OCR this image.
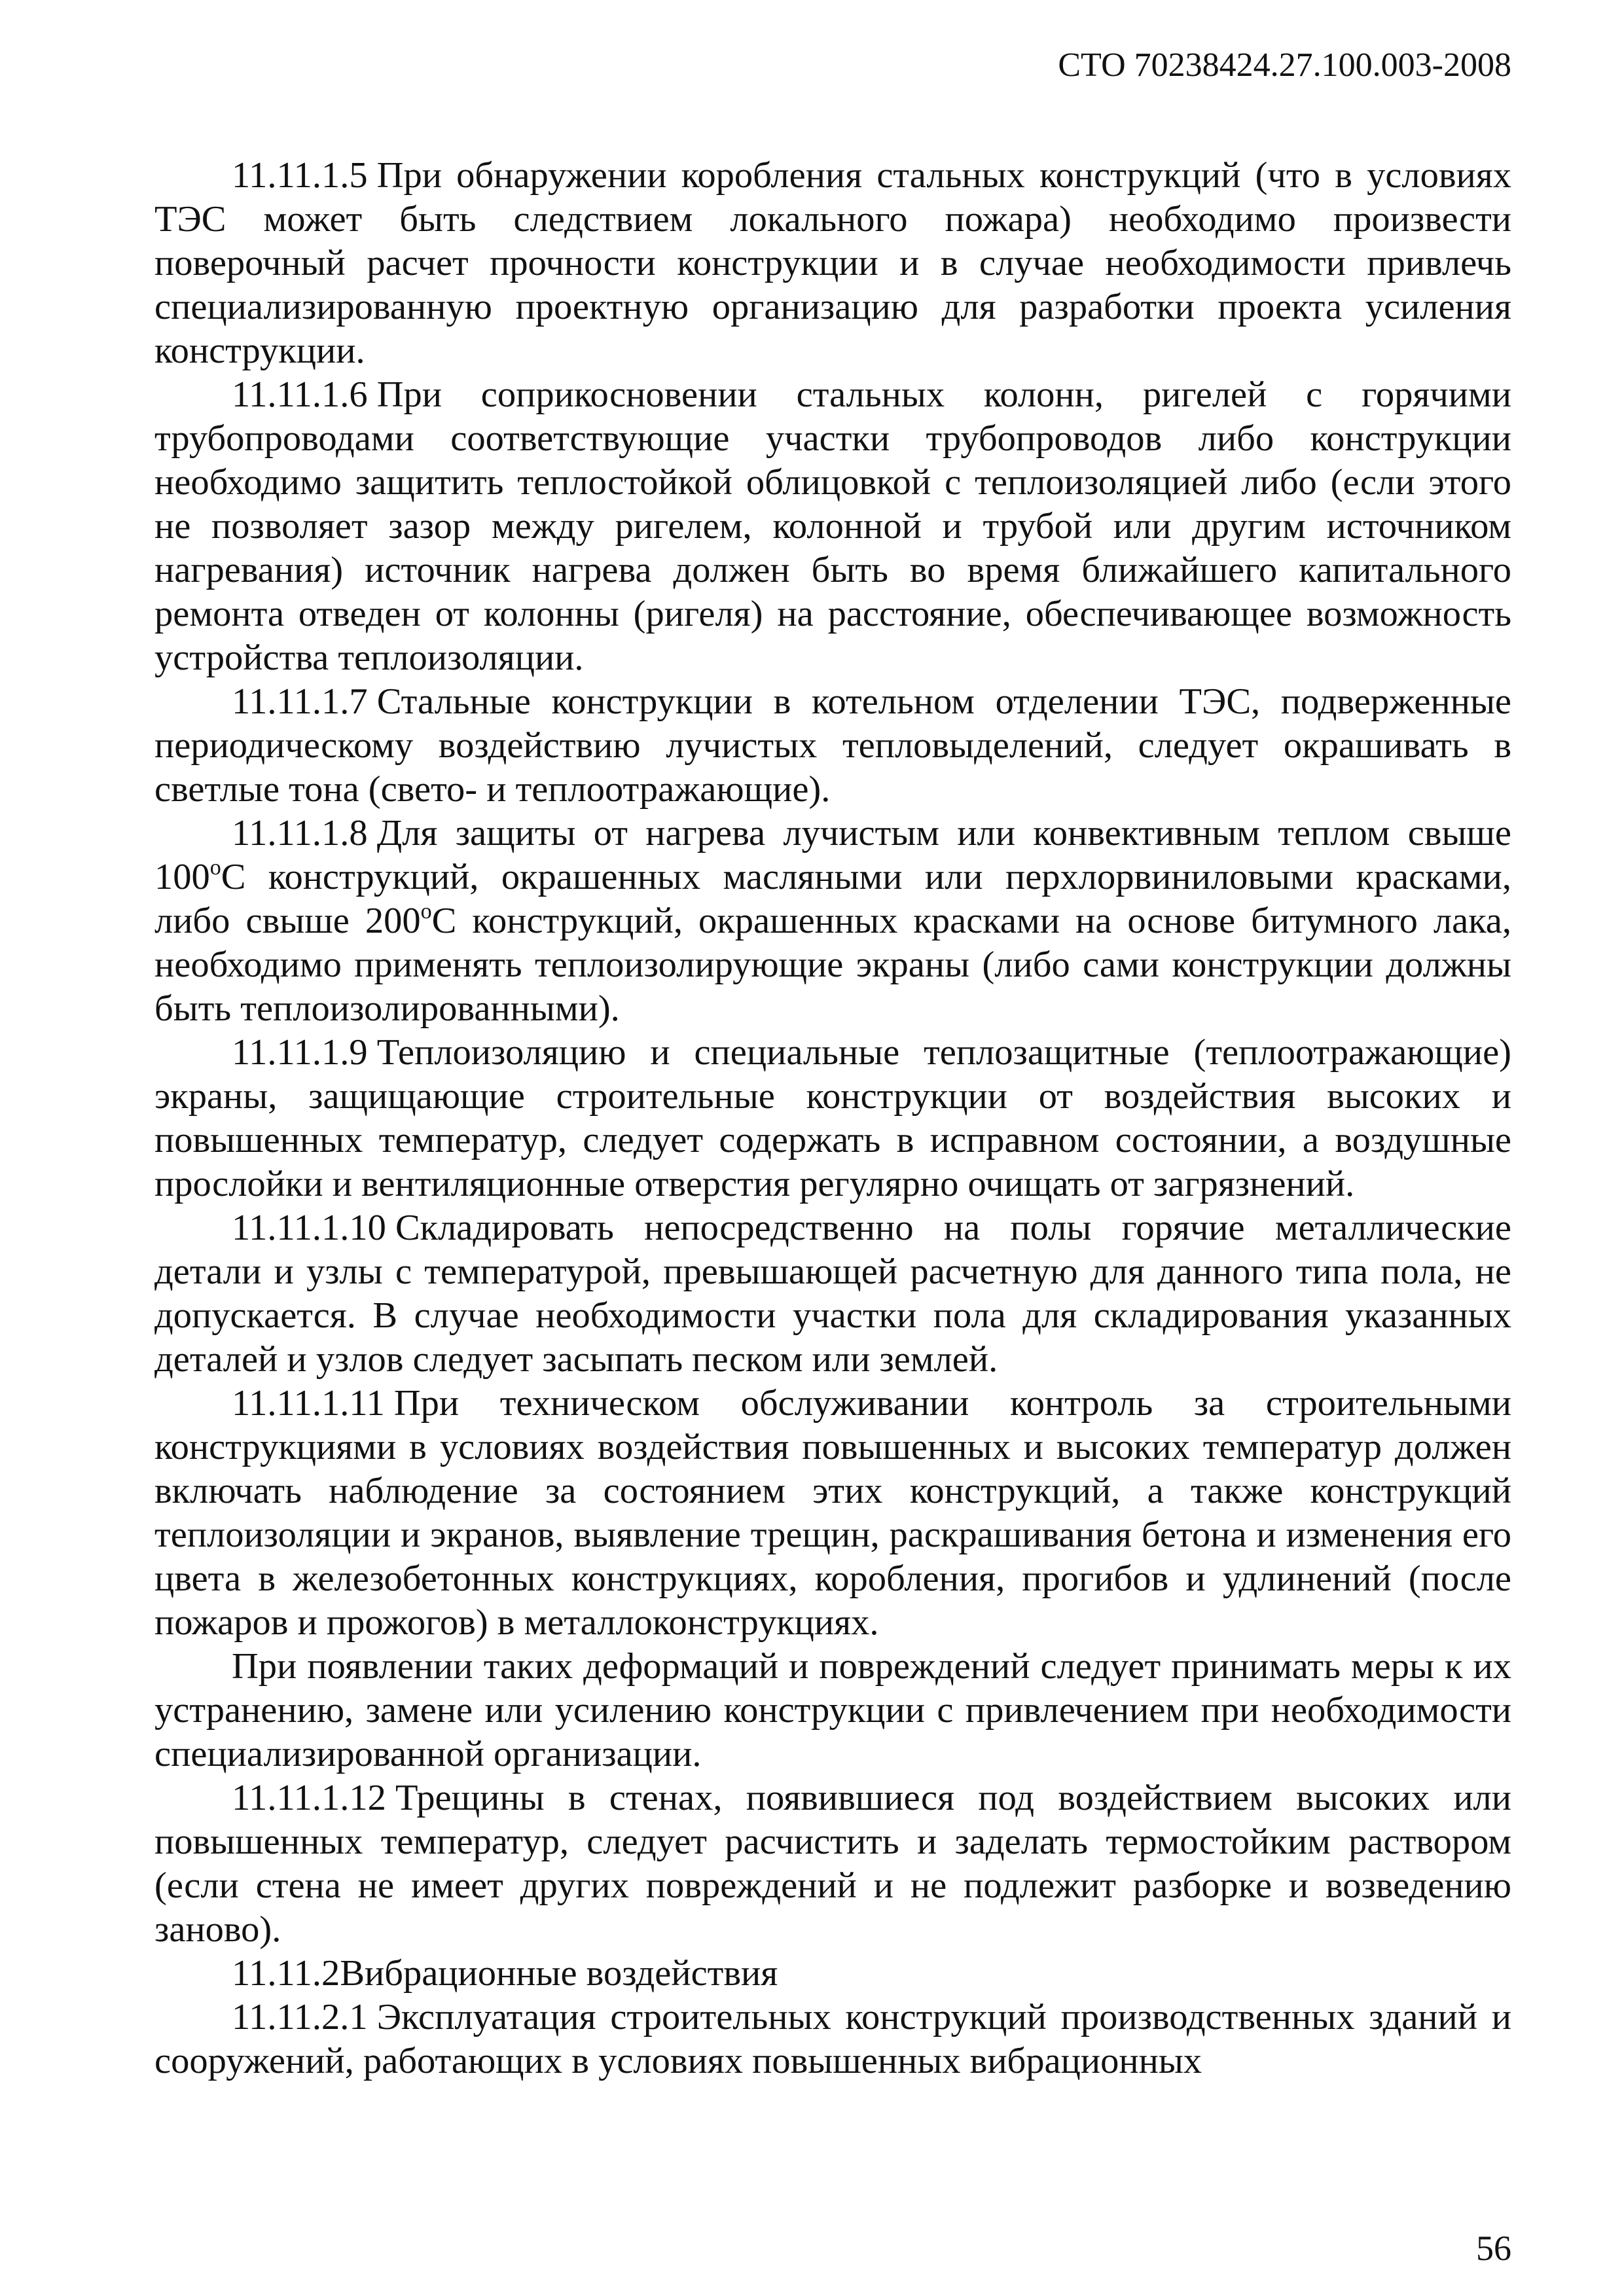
СТО 70238424.27.100.003-2008

11.11.1.5 При обнаружении коробления стальных конструкций (что в условиях ТЭС может быть следствием локального пожара) необходимо произвести поверочный расчет прочности конструкции и в случае необходимости привлечь специализированную проектную организацию для разработки проекта усиления конструкции.

11.11.1.6 При соприкосновении стальных колонн, ригелей с горячими трубопроводами соответствующие участки трубопроводов либо конструкции необходимо защитить теплостойкой облицовкой с теплоизоляцией либо (если этого не позволяет зазор между ригелем, колонной и трубой или другим источником нагревания) источник нагрева должен быть во время ближайшего капитального ремонта отведен от колонны (ригеля) на расстояние, обеспечивающее возможность устройства теплоизоляции.

11.11.1.7 Стальные конструкции в котельном отделении ТЭС, подверженные периодическому воздействию лучистых тепловыделений, следует окрашивать в светлые тона (свето- и теплоотражающие).

11.11.1.8 Для защиты от нагрева лучистым или конвективным теплом свыше $100^оС$ конструкций, окрашенных масляными или перхлорвиниловыми красками, либо свыше $200^оС$ конструкций, окрашенных красками на основе битумного лака, необходимо применять теплоизолирующие экраны (либо сами конструкции должны быть теплоизолированными).

11.11.1.9 Теплоизоляцию и специальные теплозащитные (теплоотражающие) экраны, защищающие строительные конструкции от воздействия высоких и повышенных температур, следует содержать в исправном состоянии, а воздушные прослойки и вентиляционные отверстия регулярно очищать от загрязнений.

11.11.1.10 Складировать непосредственно на полы горячие металлические детали и узлы с температурой, превышающей расчетную для данного типа пола, не допускается. В случае необходимости участки пола для складирования указанных деталей и узлов следует засыпать песком или землей.

11.11.1.11 При техническом обслуживании контроль за строительными конструкциями в условиях воздействия повышенных и высоких температур должен включать наблюдение за состоянием этих конструкций, а также конструкций теплоизоляции и экранов, выявление трещин, раскрашивания бетона и изменения его цвета в железобетонных конструкциях, коробления, прогибов и удлинений (после пожаров и прожогов) в металлоконструкциях.

При появлении таких деформаций и повреждений следует принимать меры к их устранению, замене или усилению конструкции с привлечением при необходимости специализированной организации.

11.11.1.12 Трещины в стенах, появившиеся под воздействием высоких или повышенных температур, следует расчистить и заделать термостойким раствором (если стена не имеет других повреждений и не подлежит разборке и возведению заново).

11.11.2Вибрационные воздействия

11.11.2.1 Эксплуатация строительных конструкций производственных зданий и сооружений, работающих в условиях повышенных вибрационных

56
